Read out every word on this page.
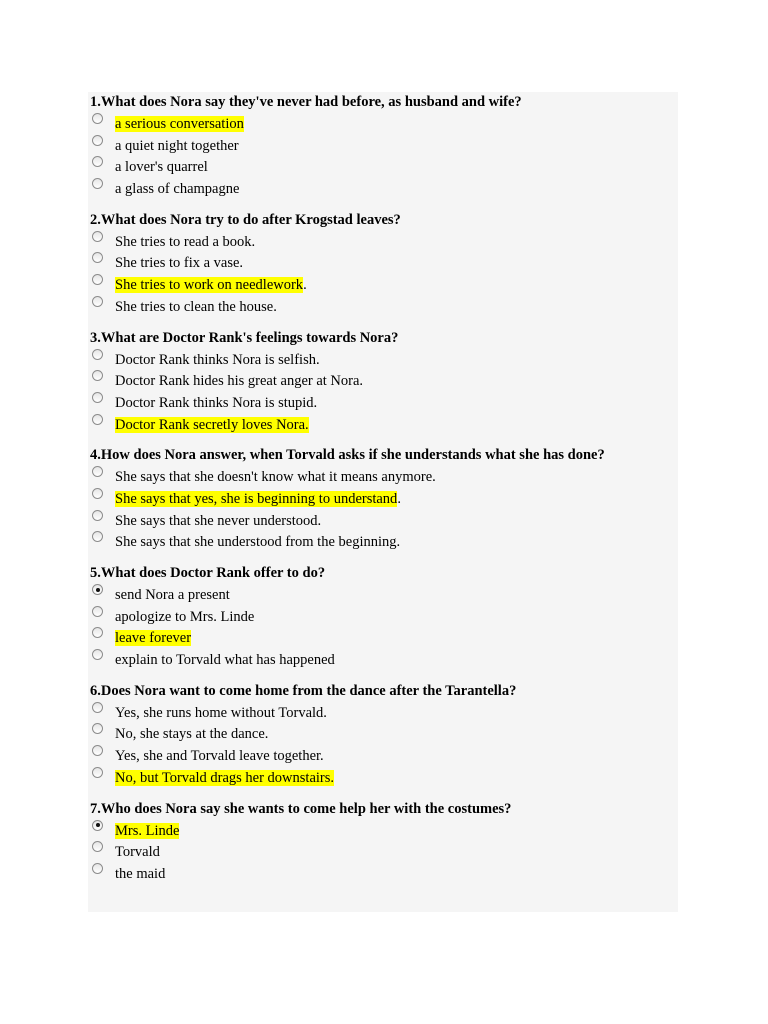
1.What does Nora say they've never had before, as husband and wife?
a serious conversation
a quiet night together
a lover's quarrel
a glass of champagne
2.What does Nora try to do after Krogstad leaves?
She tries to read a book.
She tries to fix a vase.
She tries to work on needlework.
She tries to clean the house.
3.What are Doctor Rank's feelings towards Nora?
Doctor Rank thinks Nora is selfish.
Doctor Rank hides his great anger at Nora.
Doctor Rank thinks Nora is stupid.
Doctor Rank secretly loves Nora.
4.How does Nora answer, when Torvald asks if she understands what she has done?
She says that she doesn't know what it means anymore.
She says that yes, she is beginning to understand.
She says that she never understood.
She says that she understood from the beginning.
5.What does Doctor Rank offer to do?
send Nora a present
apologize to Mrs. Linde
leave forever
explain to Torvald what has happened
6.Does Nora want to come home from the dance after the Tarantella?
Yes, she runs home without Torvald.
No, she stays at the dance.
Yes, she and Torvald leave together.
No, but Torvald drags her downstairs.
7.Who does Nora say she wants to come help her with the costumes?
Mrs. Linde
Torvald
the maid
